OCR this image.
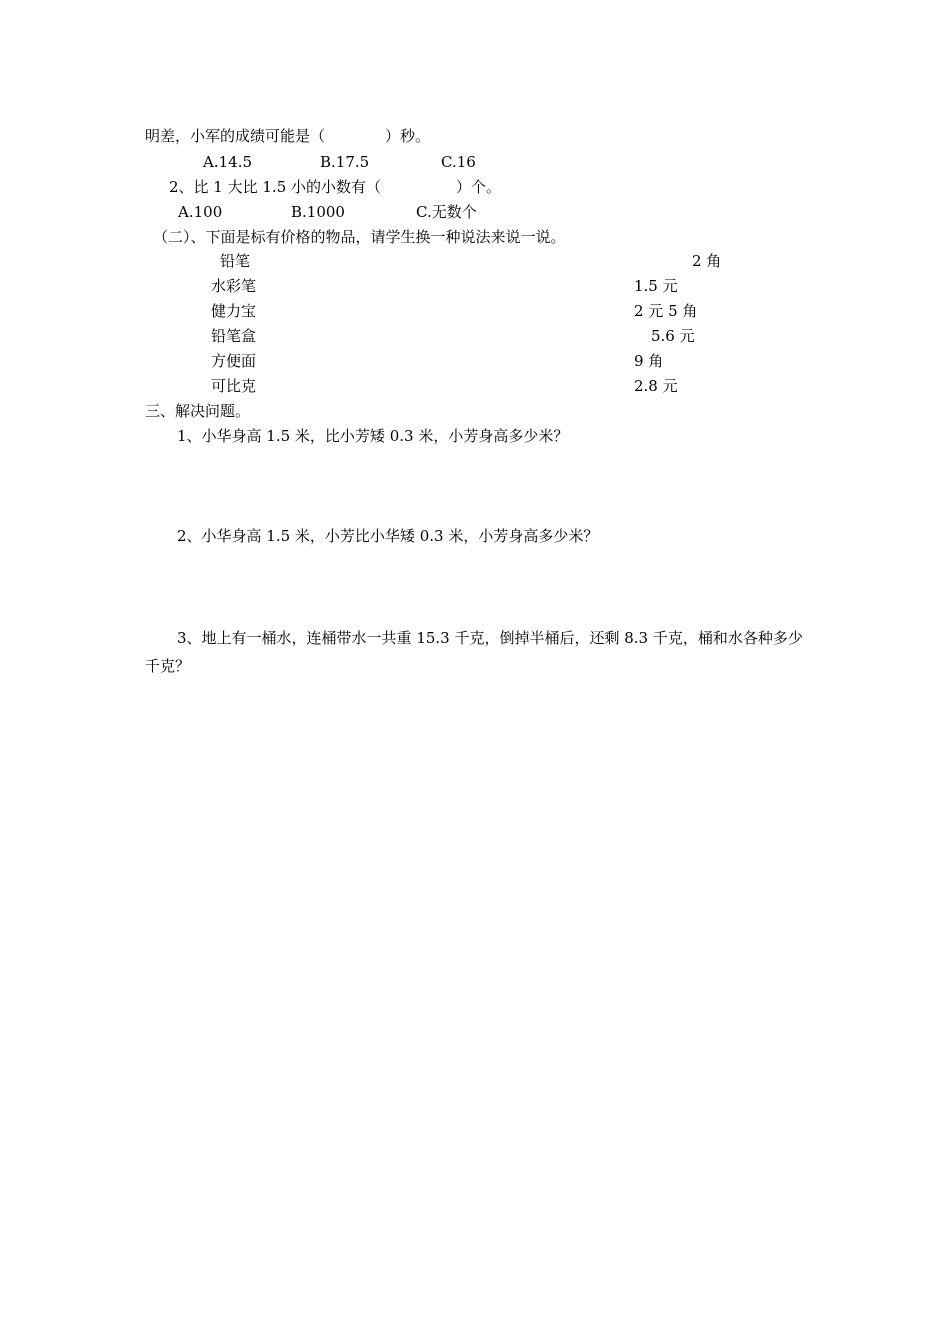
明差，小军的成绩可能是（　　　　）秒。
A.14.5	B.17.5	C.16
2、比 1 大比 1.5 小的小数有（　　　　　）个。
A.100	B.1000	C.无数个
（二）、下面是标有价格的物品，请学生换一种说法来说一说。
铅笔	2 角
水彩笔	1.5 元
健力宝	2 元 5 角
铅笔盒	5.6 元
方便面	9 角
可比克	2.8 元
三、解决问题。
1、小华身高 1.5 米，比小芳矮 0.3 米，小芳身高多少米？
2、小华身高 1.5 米，小芳比小华矮 0.3 米，小芳身高多少米？
3、地上有一桶水，连桶带水一共重 15.3 千克，倒掉半桶后，还剩 8.3 千克，桶和水各种多少千克？
